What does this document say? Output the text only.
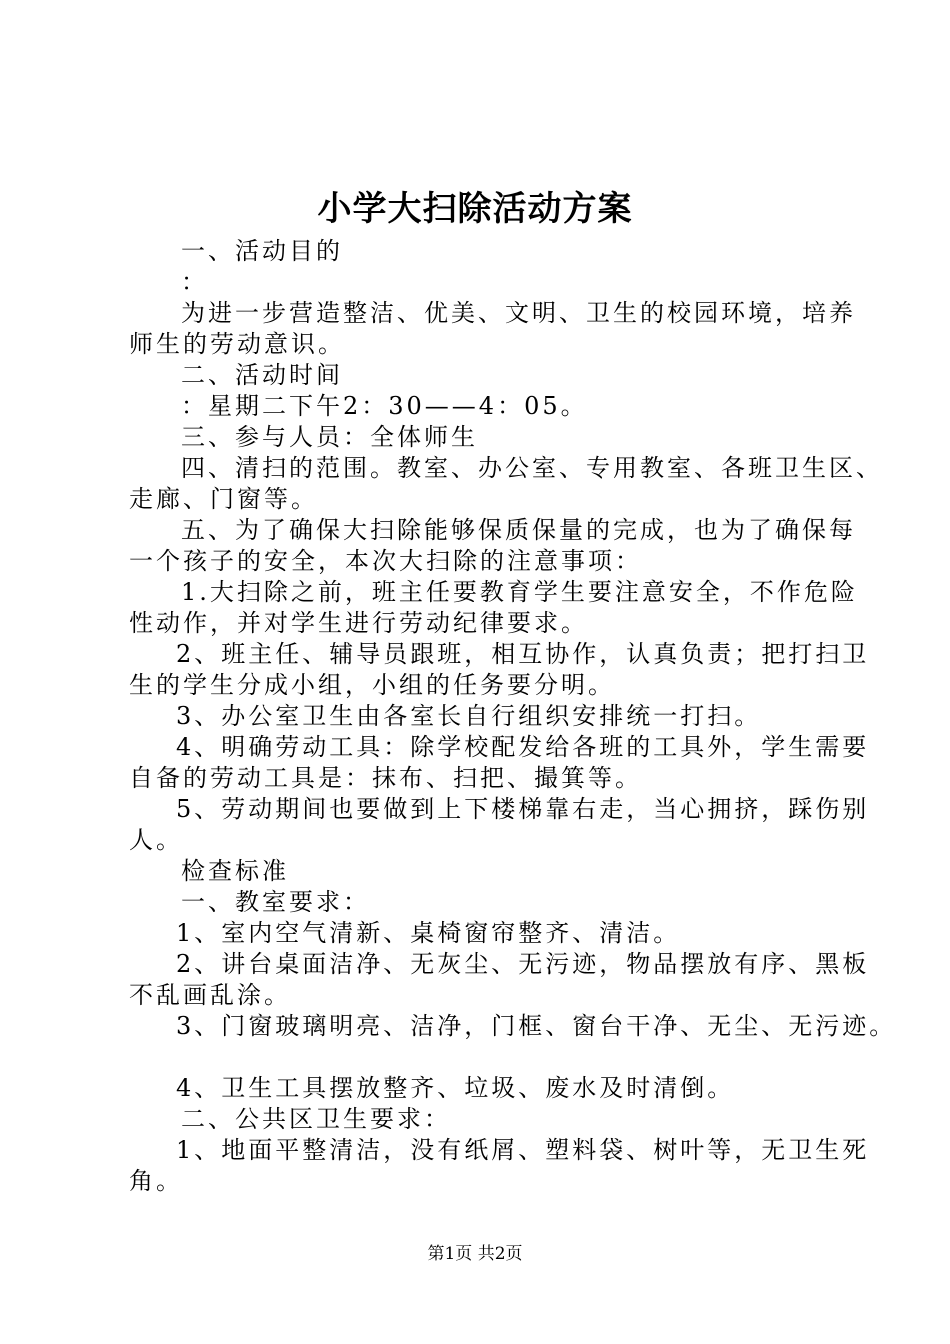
小学大扫除活动方案

一、活动目的

：

为进一步营造整洁、优美、文明、卫生的校园环境，培养

师生的劳动意识。

二、活动时间

：星期二下午2：30——4：05。

三、参与人员：全体师生

四、清扫的范围。教室、办公室、专用教室、各班卫生区、

走廊、门窗等。

五、为了确保大扫除能够保质保量的完成，也为了确保每

一个孩子的安全，本次大扫除的注意事项：

1.大扫除之前，班主任要教育学生要注意安全，不作危险

性动作，并对学生进行劳动纪律要求。

2、班主任、辅导员跟班，相互协作，认真负责；把打扫卫

生的学生分成小组，小组的任务要分明。

3、办公室卫生由各室长自行组织安排统一打扫。

4、明确劳动工具：除学校配发给各班的工具外，学生需要

自备的劳动工具是：抹布、扫把、撮箕等。

5、劳动期间也要做到上下楼梯靠右走，当心拥挤，踩伤别

人。

检查标准

一、教室要求：

1、室内空气清新、桌椅窗帘整齐、清洁。

2、讲台桌面洁净、无灰尘、无污迹，物品摆放有序、黑板

不乱画乱涂。

3、门窗玻璃明亮、洁净，门框、窗台干净、无尘、无污迹。

4、卫生工具摆放整齐、垃圾、废水及时清倒。

二、公共区卫生要求：

1、地面平整清洁，没有纸屑、塑料袋、树叶等，无卫生死

角。

第1页 共2页
